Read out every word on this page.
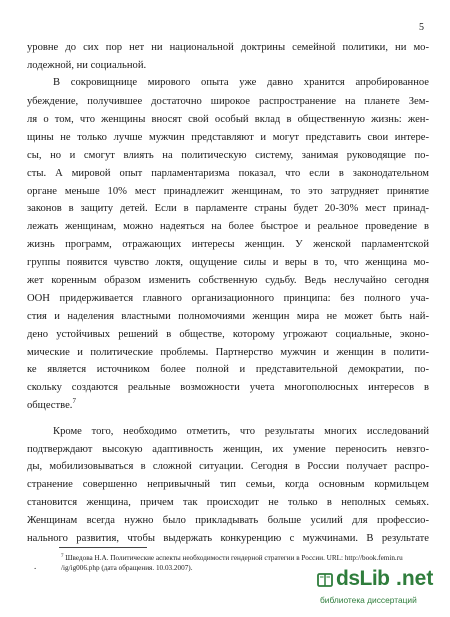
5
уровне до сих пор нет ни национальной доктрины семейной политики, ни мо-
лодежной, ни социальной.
В сокровищнице мирового опыта уже давно хранится апробированное
убеждение, получившее достаточно широкое распространение на планете Зем-
ля о том, что женщины вносят свой особый вклад в общественную жизнь: жен-
щины не только лучше мужчин представляют и могут представить свои интере-
сы, но и смогут влиять на политическую систему, занимая руководящие по-
сты. А мировой опыт парламентаризма показал, что если в законодательном
органе меньше 10% мест принадлежит женщинам, то это затрудняет принятие
законов в защиту детей. Если в парламенте страны будет 20-30% мест принад-
лежать женщинам, можно надеяться на более быстрое и реальное проведение в
жизнь программ, отражающих интересы женщин. У женской парламентской
группы появится чувство локтя, ощущение силы и веры в то, что женщина мо-
жет коренным образом изменить собственную судьбу. Ведь неслучайно сегодня
ООН придерживается главного организационного принципа: без полного уча-
стия и наделения властными полномочиями женщин мира не может быть най-
дено устойчивых решений в обществе, которому угрожают социальные, эконо-
мические и политические проблемы. Партнерство мужчин и женщин в полити-
ке является источником более полной и представительной демократии, по-
скольку создаются реальные возможности учета многополюсных интересов в
обществе.$^7$
Кроме того, необходимо отметить, что результаты многих исследований
подтверждают высокую адаптивность женщин, их умение переносить невзго-
ды, мобилизовываться в сложной ситуации. Сегодня в России получает распро-
странение совершенно непривычный тип семьи, когда основным кормильцем
становится женщина, причем так происходит не только в неполных семьях.
Женщинам всегда нужно было прикладывать больше усилий для профессио-
нального развития, чтобы выдержать конкуренцию с мужчинами. В результате
$^7$ Шведова Н.А. Политические аспекты необходимости гендерной стратегии в России. URL: http://book.femin.ru
/ig/ig006.php (дата обращения. 10.03.2007).
.
dsLib .net
библиотека диссертаций
